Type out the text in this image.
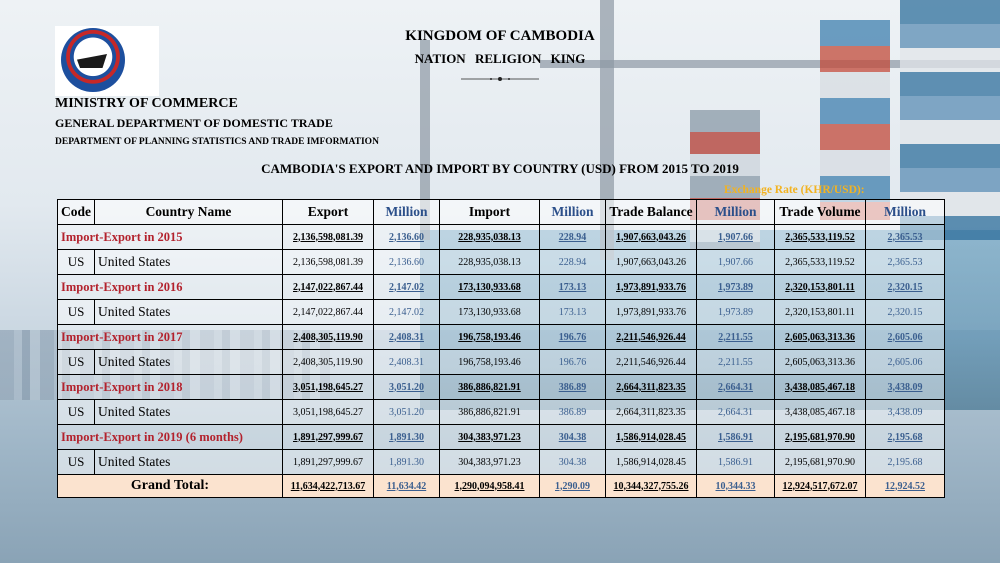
KINGDOM OF CAMBODIA
NATION RELIGION KING
MINISTRY OF COMMERCE
GENERAL DEPARTMENT OF DOMESTIC TRADE
DEPARTMENT OF PLANNING STATISTICS AND TRADE IMFORMATION
CAMBODIA'S EXPORT AND IMPORT BY COUNTRY (USD) FROM 2015 TO 2019
Exchange Rate (KHR/USD):
Code	Country Name	Export	Million	Import	Million	Trade Balance	Million	Trade Volume	Million
Import-Export in 2015		2,136,598,081.39	2,136.60	228,935,038.13	228.94	1,907,663,043.26	1,907.66	2,365,533,119.52	2,365.53
US	United States	2,136,598,081.39	2,136.60	228,935,038.13	228.94	1,907,663,043.26	1,907.66	2,365,533,119.52	2,365.53
Import-Export in 2016		2,147,022,867.44	2,147.02	173,130,933.68	173.13	1,973,891,933.76	1,973.89	2,320,153,801.11	2,320.15
US	United States	2,147,022,867.44	2,147.02	173,130,933.68	173.13	1,973,891,933.76	1,973.89	2,320,153,801.11	2,320.15
Import-Export in 2017		2,408,305,119.90	2,408.31	196,758,193.46	196.76	2,211,546,926.44	2,211.55	2,605,063,313.36	2,605.06
US	United States	2,408,305,119.90	2,408.31	196,758,193.46	196.76	2,211,546,926.44	2,211.55	2,605,063,313.36	2,605.06
Import-Export in 2018		3,051,198,645.27	3,051.20	386,886,821.91	386.89	2,664,311,823.35	2,664.31	3,438,085,467.18	3,438.09
US	United States	3,051,198,645.27	3,051.20	386,886,821.91	386.89	2,664,311,823.35	2,664.31	3,438,085,467.18	3,438.09
Import-Export in 2019 (6 months)		1,891,297,999.67	1,891.30	304,383,971.23	304.38	1,586,914,028.45	1,586.91	2,195,681,970.90	2,195.68
US	United States	1,891,297,999.67	1,891.30	304,383,971.23	304.38	1,586,914,028.45	1,586.91	2,195,681,970.90	2,195.68
Grand Total:		11,634,422,713.67	11,634.42	1,290,094,958.41	1,290.09	10,344,327,755.26	10,344.33	12,924,517,672.07	12,924.52
